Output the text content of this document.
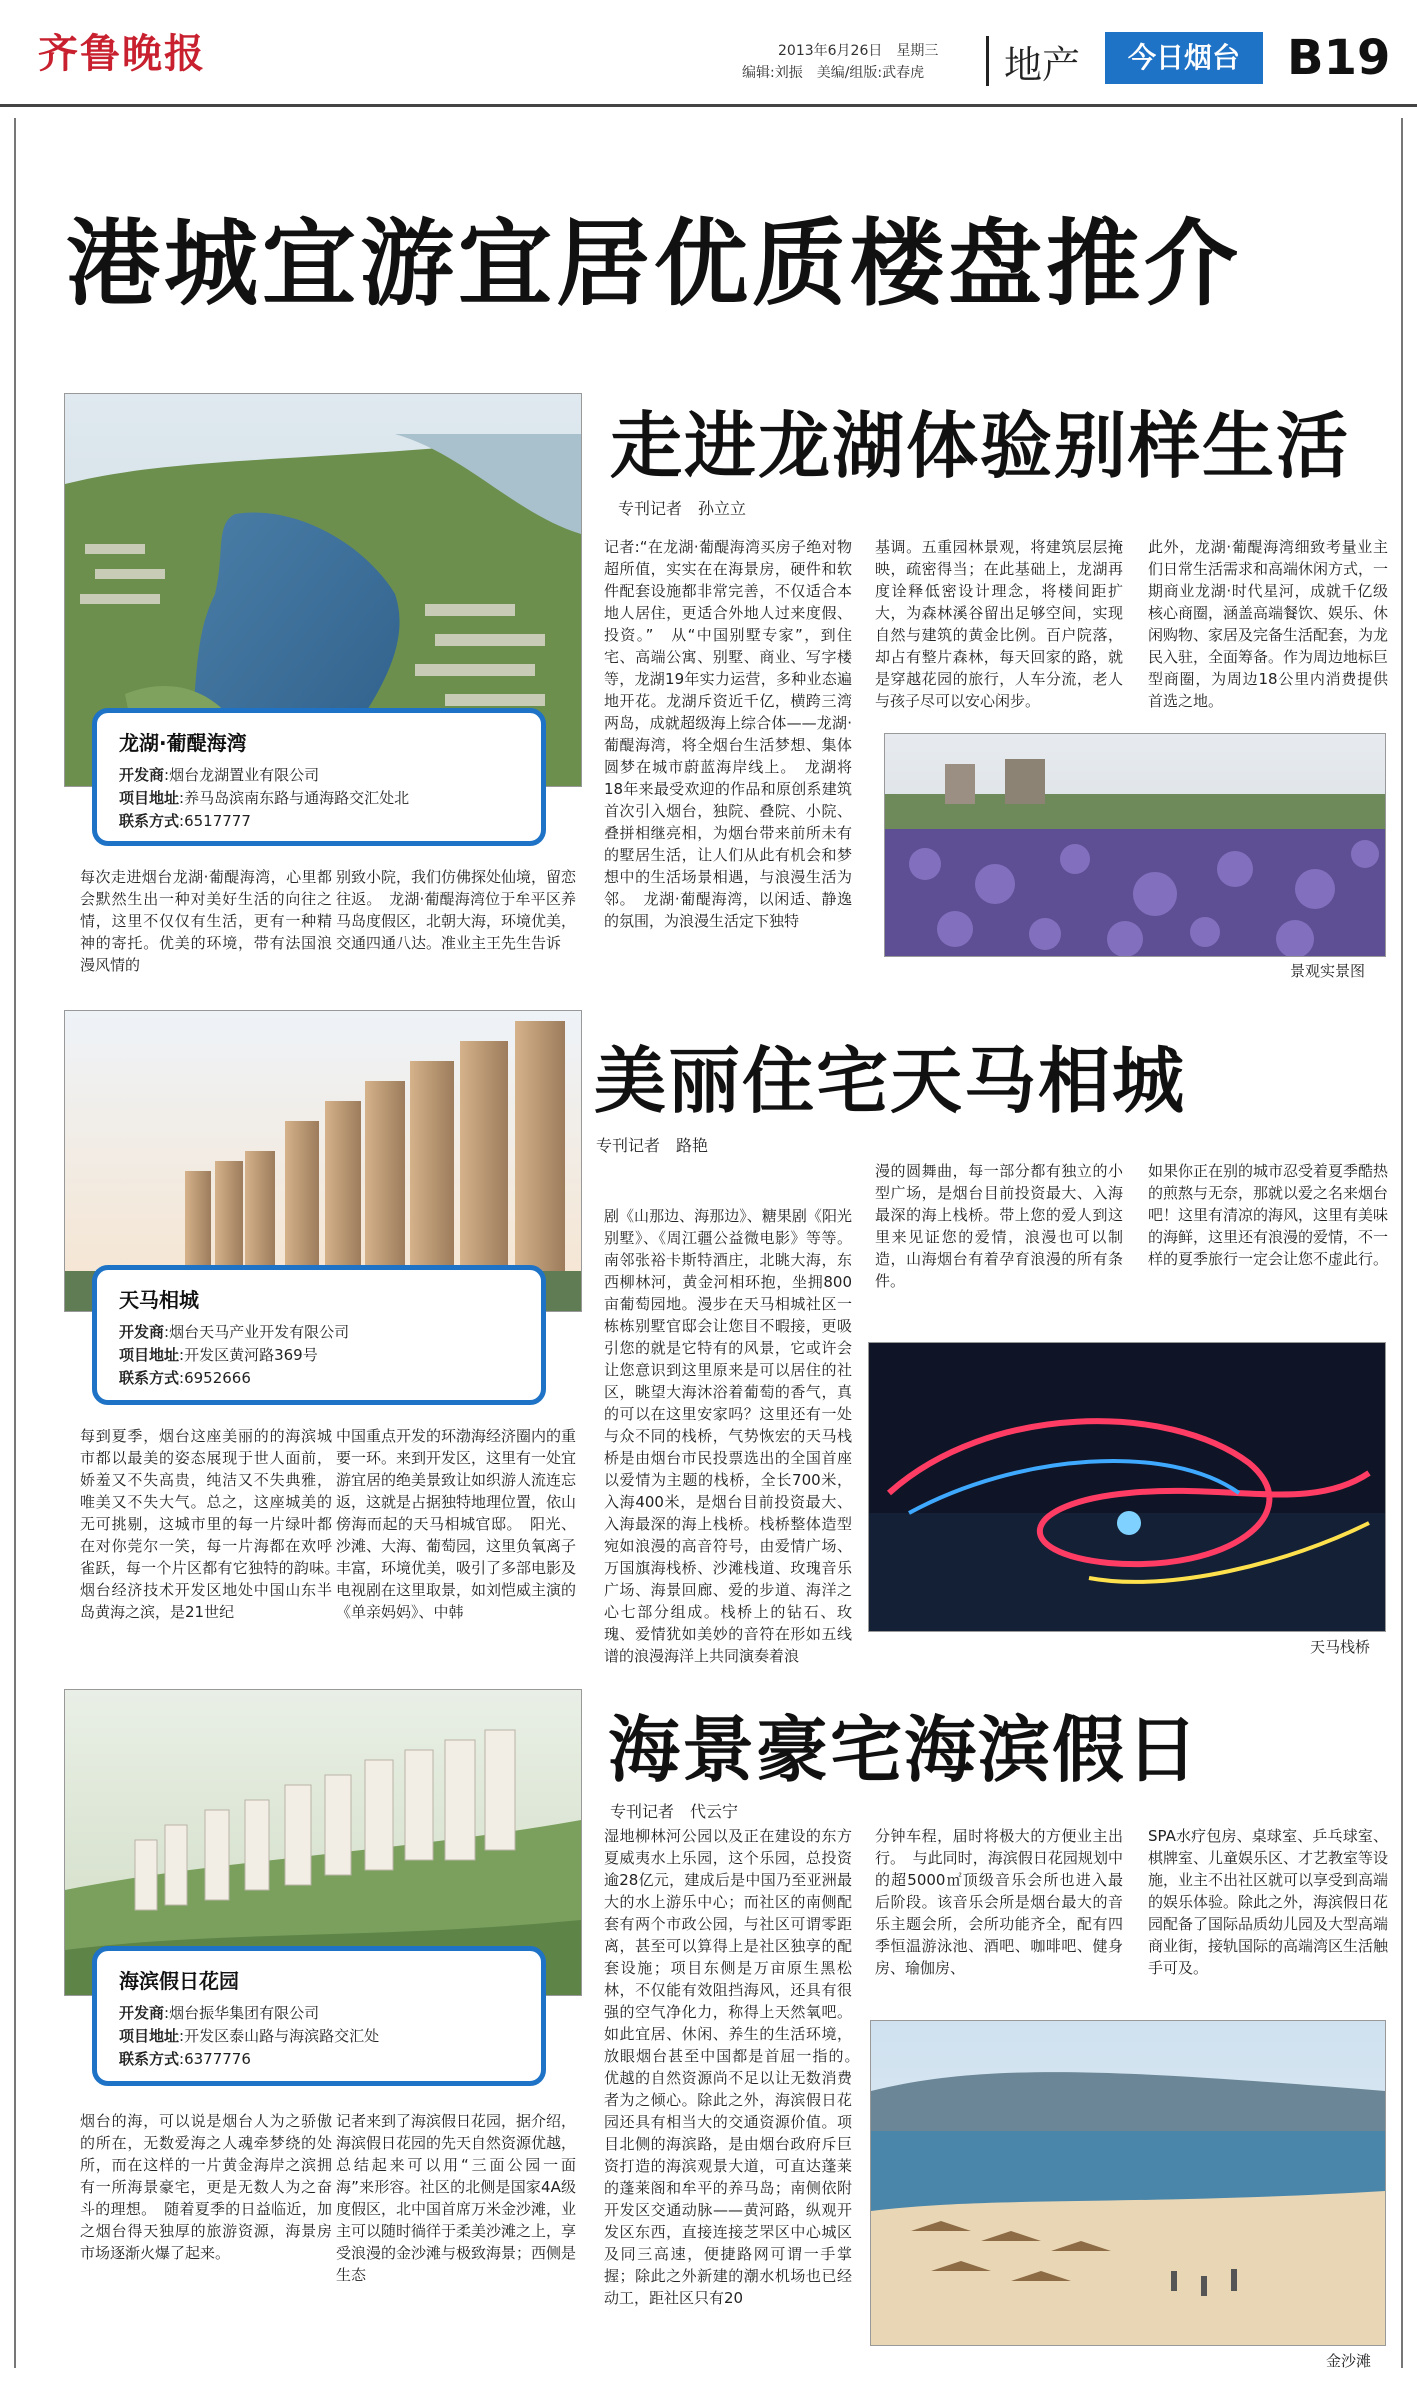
齐鲁晚报	2013年6月26日　星期三
编辑:刘振　美编/组版:武春虎 地产	今日烟台 B19
港城宜游宜居优质楼盘推介
龙湖·葡醍海湾
开发商:烟台龙湖置业有限公司
项目地址:养马岛滨南东路与通海路交汇处北
联系方式:6517777
走进龙湖体验别样生活
专刊记者　孙立立
每次走进烟台龙湖·葡醍海湾，心里都会默然生出一种对美好生活的向往之情，这里不仅仅有生活，更有一种精神的寄托。优美的环境，带有法国浪漫风情的
别致小院，我们仿佛探处仙境，留恋往返。　龙湖·葡醍海湾位于牟平区养马岛度假区，北朝大海，环境优美，交通四通八达。准业主王先生告诉
记者:“在龙湖·葡醍海湾买房子绝对物超所值，实实在在海景房，硬件和软件配套设施都非常完善，不仅适合本地人居住，更适合外地人过来度假、投资。”　从“中国别墅专家”，到住宅、高端公寓、别墅、商业、写字楼等，龙湖19年实力运营，多种业态遍地开花。龙湖斥资近千亿，横跨三湾两岛，成就超级海上综合体——龙湖·葡醍海湾，将全烟台生活梦想、集体圆梦在城市蔚蓝海岸线上。　龙湖将18年来最受欢迎的作品和原创系建筑首次引入烟台，独院、叠院、小院、叠拼相继亮相，为烟台带来前所未有的墅居生活，让人们从此有机会和梦想中的生活场景相遇，与浪漫生活为邻。　龙湖·葡醍海湾，以闲适、静逸的氛围，为浪漫生活定下独特
基调。五重园林景观，将建筑层层掩映，疏密得当；在此基础上，龙湖再度诠释低密设计理念，将楼间距扩大，为森林溪谷留出足够空间，实现自然与建筑的黄金比例。百户院落，却占有整片森林，每天回家的路，就是穿越花园的旅行，人车分流，老人与孩子尽可以安心闲步。
此外，龙湖·葡醍海湾细致考量业主们日常生活需求和高端休闲方式，一期商业龙湖·时代星河，成就千亿级核心商圈，涵盖高端餐饮、娱乐、休闲购物、家居及完备生活配套，为龙民入驻，全面筹备。作为周边地标巨型商圈，为周边18公里内消费提供首选之地。
景观实景图
天马相城
开发商:烟台天马产业开发有限公司
项目地址:开发区黄河路369号
联系方式:6952666
美丽住宅天马相城
专刊记者　路艳
每到夏季，烟台这座美丽的的海滨城市都以最美的姿态展现于世人面前，娇羞又不失高贵，纯洁又不失典雅，唯美又不失大气。总之，这座城美的无可挑剔，这城市里的每一片绿叶都在对你莞尔一笑，每一片海都在欢呼雀跃，每一个片区都有它独特的韵味。　烟台经济技术开发区地处中国山东半岛黄海之滨，是21世纪
中国重点开发的环渤海经济圈内的重要一环。来到开发区，这里有一处宜游宜居的绝美景致让如织游人流连忘返，这就是占据独特地理位置，依山傍海而起的天马相城官邸。　阳光、沙滩、大海、葡萄园，这里负氧离子丰富，环境优美，吸引了多部电影及电视剧在这里取景，如刘恺威主演的《单亲妈妈》、中韩
剧《山那边、海那边》、糖果剧《阳光别墅》、《周江疆公益微电影》等等。南邻张裕卡斯特酒庄，北眺大海，东西柳林河，黄金河相环抱，坐拥800亩葡萄园地。漫步在天马相城社区一栋栋别墅官邸会让您目不暇接，更吸引您的就是它特有的风景，它或许会让您意识到这里原来是可以居住的社区，眺望大海沐浴着葡萄的香气，真的可以在这里安家吗？这里还有一处与众不同的栈桥，气势恢宏的天马栈桥是由烟台市民投票选出的全国首座以爱情为主题的栈桥，全长700米，入海400米，是烟台目前投资最大、入海最深的海上栈桥。栈桥整体造型宛如浪漫的高音符号，由爱情广场、万国旗海栈桥、沙滩栈道、玫瑰音乐广场、海景回廊、爱的步道、海洋之心七部分组成。栈桥上的钻石、玫瑰、爱情犹如美妙的音符在形如五线谱的浪漫海洋上共同演奏着浪
漫的圆舞曲，每一部分都有独立的小型广场，是烟台目前投资最大、入海最深的海上栈桥。带上您的爱人到这里来见证您的爱情，浪漫也可以制造，山海烟台有着孕育浪漫的所有条件。
如果你正在别的城市忍受着夏季酷热的煎熬与无奈，那就以爱之名来烟台吧！这里有清凉的海风，这里有美味的海鲜，这里还有浪漫的爱情，不一样的夏季旅行一定会让您不虚此行。
天马栈桥
海滨假日花园
开发商:烟台振华集团有限公司
项目地址:开发区泰山路与海滨路交汇处
联系方式:6377776
海景豪宅海滨假日
专刊记者　代云宁
烟台的海，可以说是烟台人为之骄傲的所在，无数爱海之人魂牵梦绕的处所，而在这样的一片黄金海岸之滨拥有一所海景豪宅，更是无数人为之奋斗的理想。　随着夏季的日益临近，加之烟台得天独厚的旅游资源，海景房市场逐渐火爆了起来。
记者来到了海滨假日花园，据介绍，海滨假日花园的先天自然资源优越，总结起来可以用“三面公园一面海”来形容。社区的北侧是国家4A级度假区，北中国首席万米金沙滩，业主可以随时徜徉于柔美沙滩之上，享受浪漫的金沙滩与极致海景；西侧是生态
湿地柳林河公园以及正在建设的东方夏威夷水上乐园，这个乐园，总投资逾28亿元，建成后是中国乃至亚洲最大的水上游乐中心；而社区的南侧配套有两个市政公园，与社区可谓零距离，甚至可以算得上是社区独享的配套设施；项目东侧是万亩原生黑松林，不仅能有效阻挡海风，还具有很强的空气净化力，称得上天然氧吧。如此宜居、休闲、养生的生活环境，放眼烟台甚至中国都是首屈一指的。　优越的自然资源尚不足以让无数消费者为之倾心。除此之外，海滨假日花园还具有相当大的交通资源价值。项目北侧的海滨路，是由烟台政府斥巨资打造的海滨观景大道，可直达蓬莱的蓬莱阁和牟平的养马岛；南侧依附开发区交通动脉——黄河路，纵观开发区东西，直接连接芝罘区中心城区及同三高速，便捷路网可谓一手掌握；除此之外新建的潮水机场也已经动工，距社区只有20
分钟车程，届时将极大的方便业主出行。　与此同时，海滨假日花园规划中的超5000㎡顶级音乐会所也进入最后阶段。该音乐会所是烟台最大的音乐主题会所，会所功能齐全，配有四季恒温游泳池、酒吧、咖啡吧、健身房、瑜伽房、
SPA水疗包房、桌球室、乒乓球室、棋牌室、儿童娱乐区、才艺教室等设施，业主不出社区就可以享受到高端的娱乐体验。除此之外，海滨假日花园配备了国际品质幼儿园及大型高端商业街，接轨国际的高端湾区生活触手可及。
金沙滩
